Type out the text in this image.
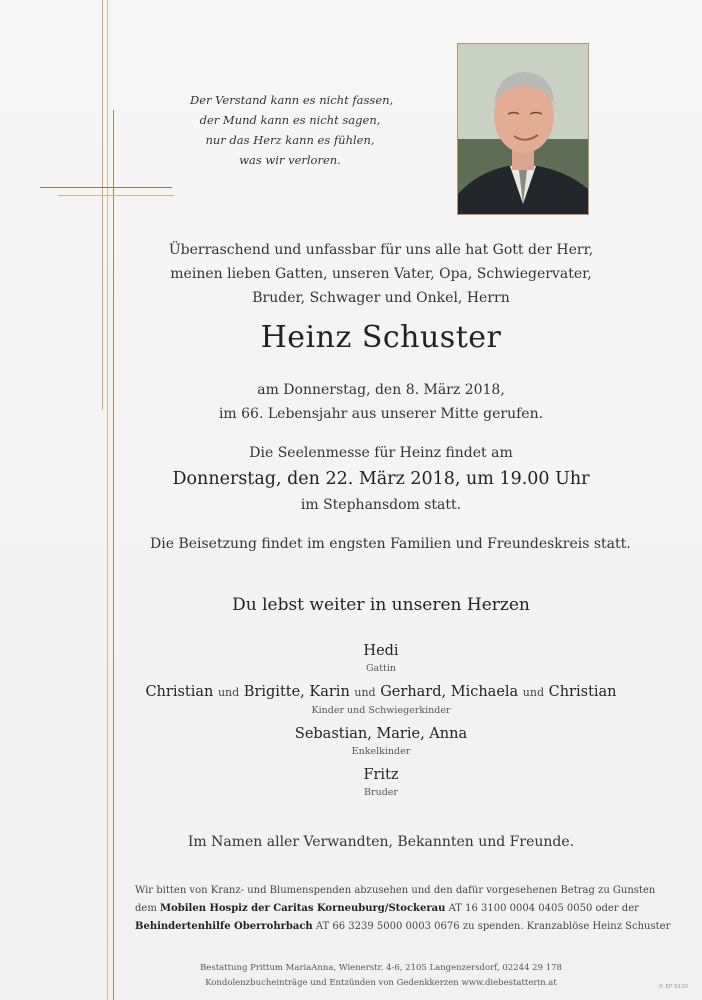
Der Verstand kann es nicht fassen,
der Mund kann es nicht sagen,
nur das Herz kann es fühlen,
was wir verloren.
Überraschend und unfassbar für uns alle hat Gott der Herr,
meinen lieben Gatten, unseren Vater, Opa, Schwiegervater,
Bruder, Schwager und Onkel, Herrn
Heinz Schuster
am Donnerstag, den 8. März 2018,
im 66. Lebensjahr aus unserer Mitte gerufen.
Die Seelenmesse für Heinz findet am
Donnerstag, den 22. März 2018, um 19.00 Uhr
im Stephansdom statt.
Die Beisetzung findet im engsten Familien und Freundeskreis statt.
Du lebst weiter in unseren Herzen
Hedi
Gattin
Christian und Brigitte, Karin und Gerhard, Michaela und Christian
Kinder und Schwiegerkinder
Sebastian, Marie, Anna
Enkelkinder
Fritz
Bruder
Im Namen aller Verwandten, Bekannten und Freunde.
Wir bitten von Kranz- und Blumenspenden abzusehen und den dafür vorgesehenen Betrag zu Gunsten
dem Mobilen Hospiz der Caritas Korneuburg/Stockerau AT 16 3100 0004 0405 0050 oder der
Behindertenhilfe Oberrohrbach AT 66 3239 5000 0003 0676 zu spenden. Kranzablöse Heinz Schuster
Bestattung Prittum MariaAnna, Wienerstr. 4-6, 2105 Langenzersdorf, 02244 29 178
Kondolenzbucheinträge und Entzünden von Gedenkkerzen www.diebestatterin.at	© EP 9120
